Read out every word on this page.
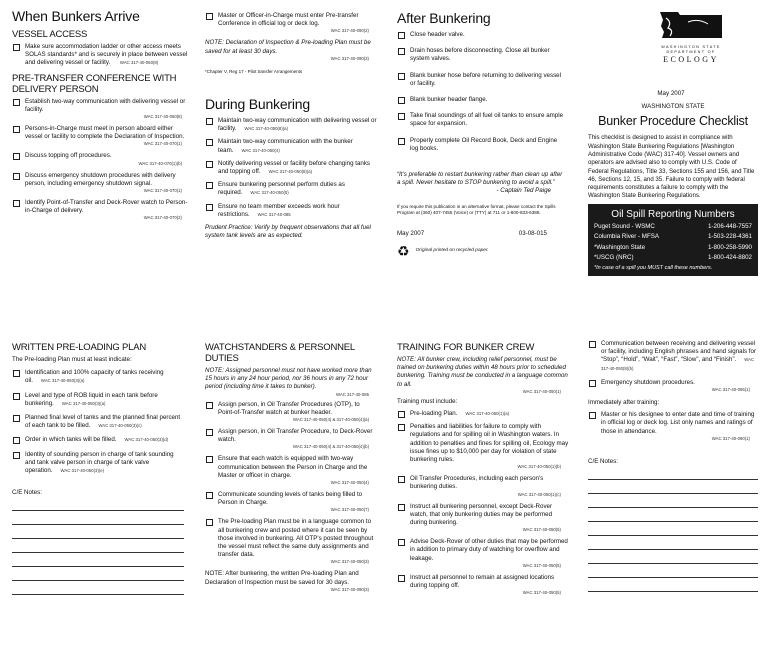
When Bunkers Arrive
VESSEL ACCESS
Make sure accommodation ladder or other access meets SOLAS standards* and is securely in place between vessel and delivering vessel or facility. WAC 317-40-050(8)
PRE-TRANSFER CONFERENCE WITH DELIVERY PERSON
Establish two-way communication with delivering vessel or facility.
WAC 317-40-050(8)
Persons-in-Charge must meet in person aboard either vessel or facility to complete the Declaration of Inspection.
WAC 317-40-070(1)
Discuss topping off procedures.
WAC 317-40-070(1)(b)
Discuss emergency shutdown procedures with delivery person, including emergency shutdown signal.
WAC 317-40-070(1)
Identify Point-of-Transfer and Deck-Rover watch to Person-in-Charge of delivery.
WAC 317-40-070(2)
Master or Officer-in-Charge must enter Pre-transfer Conference in official log or deck log.
WAC 317-40-090(2)
NOTE: Declaration of Inspection & Pre-loading Plan must be saved for at least 30 days.
WAC 317-40-090(3)
*Chapter V, Reg 17 - Pilot transfer Arrangements
During Bunkering
Maintain two-way communication with delivering vessel or facility. WAC 317-40-050(8)(a)
Maintain two-way communication with the bunker team. WAC 317-40-050(4)
Notify delivering vessel or facility before changing tanks and topping off. WAC 317-40-050(8)(a)
Ensure bunkering personnel perform duties as required. WAC 317-40-050(5)
Ensure no team member exceeds work hour restrictions. WAC 317-40-085
Prudent Practice: Verify by frequent observations that all fuel system tank levels are as expected.
After Bunkering
Close header valve.
Drain hoses before disconnecting. Close all bunker system valves.
Blank bunker hose before returning to delivering vessel or facility.
Blank bunker header flange.
Take final soundings of all fuel oil tanks to ensure ample space for expansion.
Properly complete Oil Record Book, Deck and Engine log books.
“It’s preferable to restart bunkering rather than clean up after a spill. Never hesitate to STOP bunkering to avoid a spill.”
- Captain Ted Paige
If you require this publication in an alternative format, please contact the Spills Program at (360) 407-7455 (Voice) or (TTY) at 711 or 1-800-833-6388.
May 2007	03-08-015
♻ Original printed on recycled paper.
WASHINGTON STATE
DEPARTMENT OF
ECOLOGY
May 2007
WASHINGTON STATE
Bunker Procedure Checklist
This checklist is designed to assist in compliance with Washington State Bunkering Regulations [Washington Administrative Code (WAC) 317-40]. Vessel owners and operators are advised also to comply with U.S. Code of Federal Regulations, Title 33, Sections 155 and 156, and Title 46, Sections 12, 15, and 35. Failure to comply with federal requirements constitutes a failure to comply with the Washington State Bunkering Regulations.
Oil Spill Reporting Numbers
Puget Sound - WSMC	1-206-448-7557
Columbia River - MFSA	1-503-228-4361
*Washington State	1-800-258-5990
*USCG (NRC)	1-800-424-8802
*In case of a spill you MUST call these numbers.
WRITTEN PRE-LOADING PLAN
The Pre-loading Plan must at least indicate:
Identification and 100% capacity of tanks receiving oil. WAC 317-40-050(3)(a)
Level and type of ROB liquid in each tank before bunkering. WAC 317-40-050(3)(a)
Planned final level of tanks and the planned final percent of each tank to be filled. WAC 317-40-050(3)(c)
Order in which tanks will be filled. WAC 317-40-050(3)(d)
Identity of sounding person in charge of tank sounding and tank valve person in charge of tank valve operation. WAC 317-40-050(3)(e)
C/E Notes:
WATCHSTANDERS & PERSONNEL DUTIES
NOTE: Assigned personnel must not have worked more than 15 hours in any 24 hour period, nor 36 hours in any 72 hour period (including time it takes to bunker).
WAC 317-40-085
Assign person, in Oil Transfer Procedures (OTP), to Point-of-Transfer watch at bunker header.
WAC 317-40-050(4) & 317-40-050(4)(a)
Assign person, in Oil Transfer Procedure, to Deck-Rover watch.
WAC 317-40-050(4) & 317-40-050(4)(b)
Ensure that each watch is equipped with two-way communication between the Person in Charge and the Master or officer in charge.
WAC 317-40-050(4)
Communicate sounding levels of tanks being filled to Person in Charge.
WAC 317-40-050(7)
The Pre-loading Plan must be in a language common to all bunkering crew and posted where it can be seen by those involved in bunkering. All OTP's posted throughout the vessel must reflect the same duty assignments and transfer data.
WAC 317-40-050(3)
NOTE: After bunkering, the written Pre-loading Plan and Declaration of Inspection must be saved for 30 days.
WAC 317-40-090(3)
TRAINING FOR BUNKER CREW
NOTE: All bunker crew, including relief personnel, must be trained on bunkering duties within 48 hours prior to scheduled bunkering. Training must be conducted in a language common to all.
WAC 317-40-050(1)
Training must include:
Pre-loading Plan. WAC 317-40-050(1)(a)
Penalties and liabilities for failure to comply with regulations and for spilling oil in Washington waters. In addition to penalties and fines for spilling oil, Ecology may issue fines up to $10,000 per day for violation of state bunkering rules.
WAC 317-40-050(1)(b)
Oil Transfer Procedures, including each person's bunkering duties.
WAC 317-40-050(1)(c)
Instruct all bunkering personnel, except Deck-Rover watch, that only bunkering duties may be performed during bunkering.
WAC 317-40-050(5)
Advise Deck-Rover of other duties that may be performed in addition to primary duty of watching for overflow and leakage.
WAC 317-40-050(5)
Instruct all personnel to remain at assigned locations during topping off.
WAC 317-40-050(5)
Communication between receiving and delivering vessel or facility, including English phrases and hand signals for “Stop”, “Hold”, “Wait”, “Fast”, “Slow”, and “Finish”. WAC 317-40-050(8)(b)
Emergency shutdown procedures.
WAC 317-40-065(1)
Immediately after training:
Master or his designee to enter date and time of training in official log or deck log. List only names and ratings of those in attendance.
WAC 317-40-090(1)
C/E Notes:
